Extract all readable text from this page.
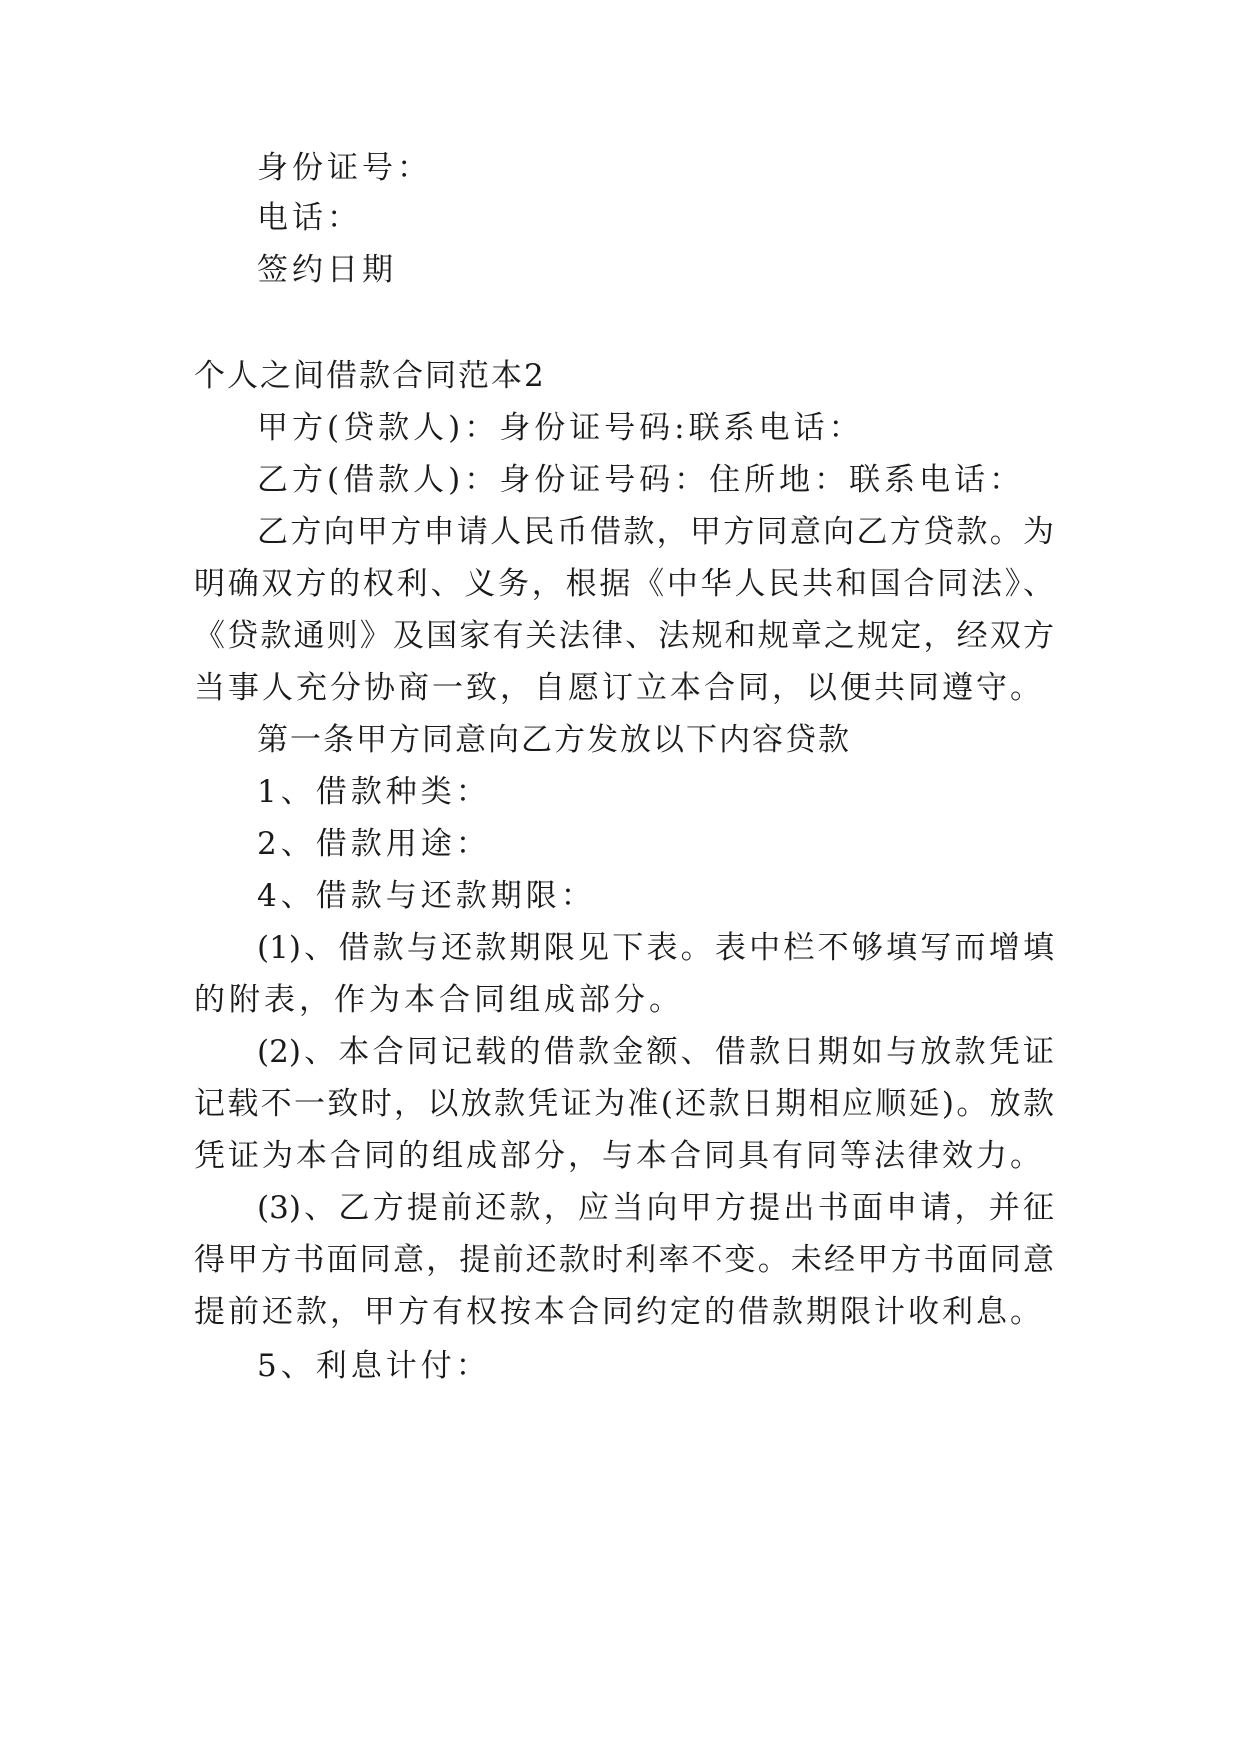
身份证号：
电话：
签约日期
个人之间借款合同范本2
甲方(贷款人)：身份证号码:联系电话：
乙方(借款人)：身份证号码：住所地：联系电话：
乙方向甲方申请人民币借款，甲方同意向乙方贷款。为
明确双方的权利、义务，根据《中华人民共和国合同法》、
《贷款通则》及国家有关法律、法规和规章之规定，经双方
当事人充分协商一致，自愿订立本合同，以便共同遵守。
第一条甲方同意向乙方发放以下内容贷款
1、借款种类：
2、借款用途：
4、借款与还款期限：
(1)、借款与还款期限见下表。表中栏不够填写而增填
的附表，作为本合同组成部分。
(2)、本合同记载的借款金额、借款日期如与放款凭证
记载不一致时，以放款凭证为准(还款日期相应顺延)。放款
凭证为本合同的组成部分，与本合同具有同等法律效力。
(3)、乙方提前还款，应当向甲方提出书面申请，并征
得甲方书面同意，提前还款时利率不变。未经甲方书面同意
提前还款，甲方有权按本合同约定的借款期限计收利息。
5、利息计付：
